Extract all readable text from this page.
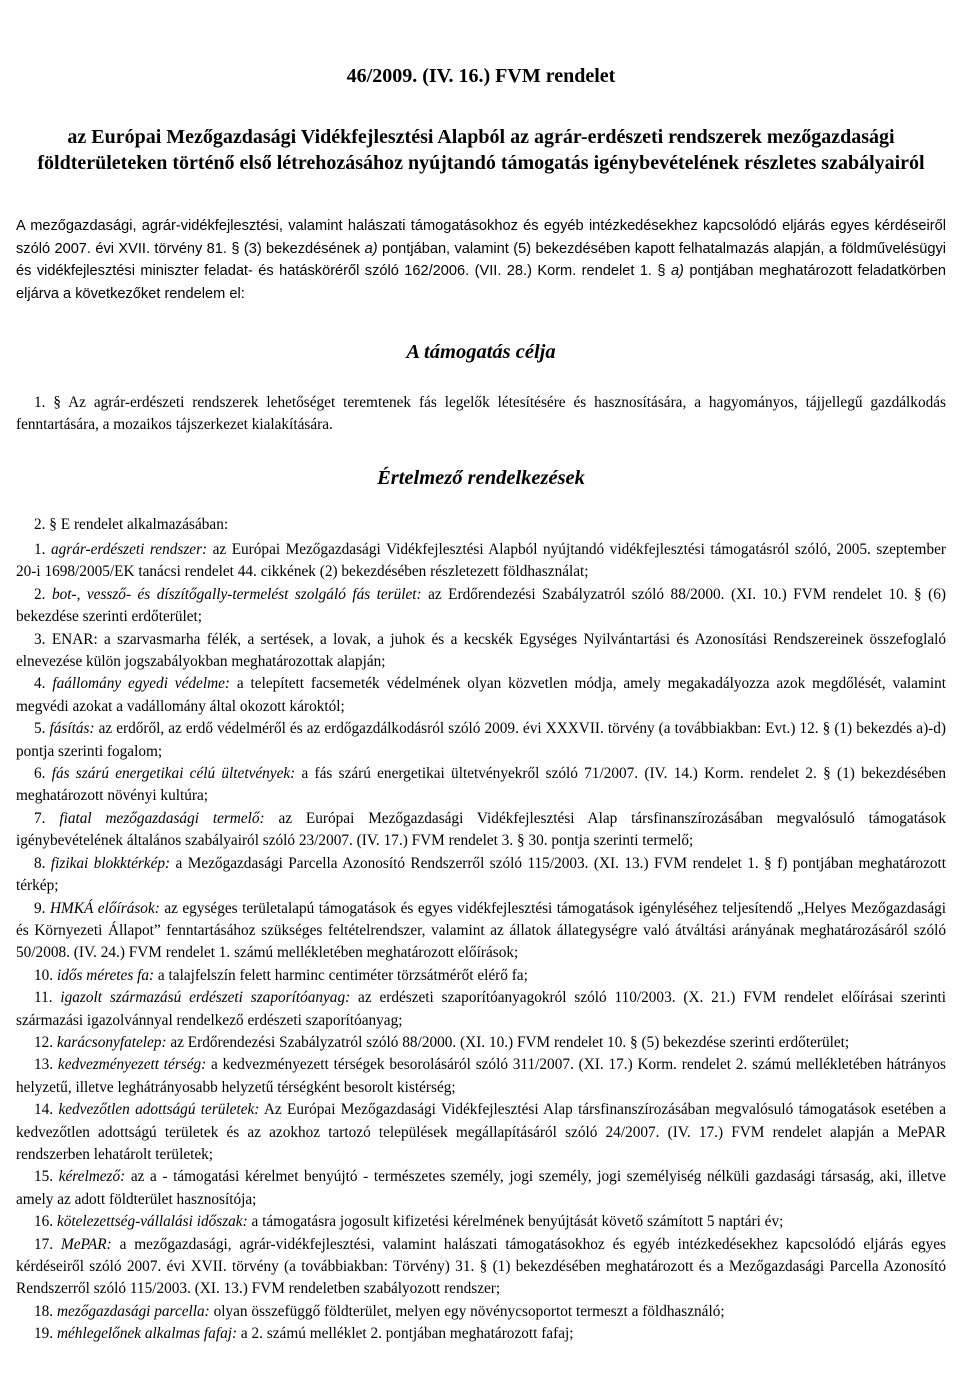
46/2009. (IV. 16.) FVM rendelet
az Európai Mezőgazdasági Vidékfejlesztési Alapból az agrár-erdészeti rendszerek mezőgazdasági földterületeken történő első létrehozásához nyújtandó támogatás igénybevételének részletes szabályairól
A mezőgazdasági, agrár-vidékfejlesztési, valamint halászati támogatásokhoz és egyéb intézkedésekhez kapcsolódó eljárás egyes kérdéseiről szóló 2007. évi XVII. törvény 81. § (3) bekezdésének a) pontjában, valamint (5) bekezdésében kapott felhatalmazás alapján, a földművelésügyi és vidékfejlesztési miniszter feladat- és hatásköréről szóló 162/2006. (VII. 28.) Korm. rendelet 1. § a) pontjában meghatározott feladatkörben eljárva a következőket rendelem el:
A támogatás célja
1. § Az agrár-erdészeti rendszerek lehetőséget teremtenek fás legelők létesítésére és hasznosítására, a hagyományos, tájjellegű gazdálkodás fenntartására, a mozaikos tájszerkezet kialakítására.
Értelmező rendelkezések
2. § E rendelet alkalmazásában:
1. agrár-erdészeti rendszer: az Európai Mezőgazdasági Vidékfejlesztési Alapból nyújtandó vidékfejlesztési támogatásról szóló, 2005. szeptember 20-i 1698/2005/EK tanácsi rendelet 44. cikkének (2) bekezdésében részletezett földhasználat;
2. bot-, vessző- és díszítőgally-termelést szolgáló fás terület: az Erdőrendezési Szabályzatról szóló 88/2000. (XI. 10.) FVM rendelet 10. § (6) bekezdése szerinti erdőterület;
3. ENAR: a szarvasmarha félék, a sertések, a lovak, a juhok és a kecskék Egységes Nyilvántartási és Azonosítási Rendszereinek összefoglaló elnevezése külön jogszabályokban meghatározottak alapján;
4. faállomány egyedi védelme: a telepített facsemeték védelmének olyan közvetlen módja, amely megakadályozza azok megdőlését, valamint megvédi azokat a vadállomány által okozott károktól;
5. fásítás: az erdőről, az erdő védelméről és az erdőgazdálkodásról szóló 2009. évi XXXVII. törvény (a továbbiakban: Evt.) 12. § (1) bekezdés a)-d) pontja szerinti fogalom;
6. fás szárú energetikai célú ültetvények: a fás szárú energetikai ültetvényekről szóló 71/2007. (IV. 14.) Korm. rendelet 2. § (1) bekezdésében meghatározott növényi kultúra;
7. fiatal mezőgazdasági termelő: az Európai Mezőgazdasági Vidékfejlesztési Alap társfinanszírozásában megvalósuló támogatások igénybevételének általános szabályairól szóló 23/2007. (IV. 17.) FVM rendelet 3. § 30. pontja szerinti termelő;
8. fizikai blokktérkép: a Mezőgazdasági Parcella Azonosító Rendszerről szóló 115/2003. (XI. 13.) FVM rendelet 1. § f) pontjában meghatározott térkép;
9. HMKÁ előírások: az egységes területalapú támogatások és egyes vidékfejlesztési támogatások igényléséhez teljesítendő „Helyes Mezőgazdasági és Környezeti Állapot” fenntartásához szükséges feltételrendszer, valamint az állatok állategységre való átváltási arányának meghatározásáról szóló 50/2008. (IV. 24.) FVM rendelet 1. számú mellékletében meghatározott előírások;
10. idős méretes fa: a talajfelszín felett harminc centiméter törzsátmérőt elérő fa;
11. igazolt származású erdészeti szaporítóanyag: az erdészeti szaporítóanyagokról szóló 110/2003. (X. 21.) FVM rendelet előírásai szerinti származási igazolvánnyal rendelkező erdészeti szaporítóanyag;
12. karácsonyfatelep: az Erdőrendezési Szabályzatról szóló 88/2000. (XI. 10.) FVM rendelet 10. § (5) bekezdése szerinti erdőterület;
13. kedvezményezett térség: a kedvezményezett térségek besorolásáról szóló 311/2007. (XI. 17.) Korm. rendelet 2. számú mellékletében hátrányos helyzetű, illetve leghátrányosabb helyzetű térségként besorolt kistérség;
14. kedvezőtlen adottságú területek: Az Európai Mezőgazdasági Vidékfejlesztési Alap társfinanszírozásában megvalósuló támogatások esetében a kedvezőtlen adottságú területek és az azokhoz tartozó települések megállapításáról szóló 24/2007. (IV. 17.) FVM rendelet alapján a MePAR rendszerben lehatárolt területek;
15. kérelmező: az a - támogatási kérelmet benyújtó - természetes személy, jogi személy, jogi személyiség nélküli gazdasági társaság, aki, illetve amely az adott földterület hasznosítója;
16. kötelezettség-vállalási időszak: a támogatásra jogosult kifizetési kérelmének benyújtását követő számított 5 naptári év;
17. MePAR: a mezőgazdasági, agrár-vidékfejlesztési, valamint halászati támogatásokhoz és egyéb intézkedésekhez kapcsolódó eljárás egyes kérdéseiről szóló 2007. évi XVII. törvény (a továbbiakban: Törvény) 31. § (1) bekezdésében meghatározott és a Mezőgazdasági Parcella Azonosító Rendszerről szóló 115/2003. (XI. 13.) FVM rendeletben szabályozott rendszer;
18. mezőgazdasági parcella: olyan összefüggő földterület, melyen egy növénycsoportot termeszt a földhasználó;
19. méhlegelőnek alkalmas fafaj: a 2. számú melléklet 2. pontjában meghatározott fafaj;
